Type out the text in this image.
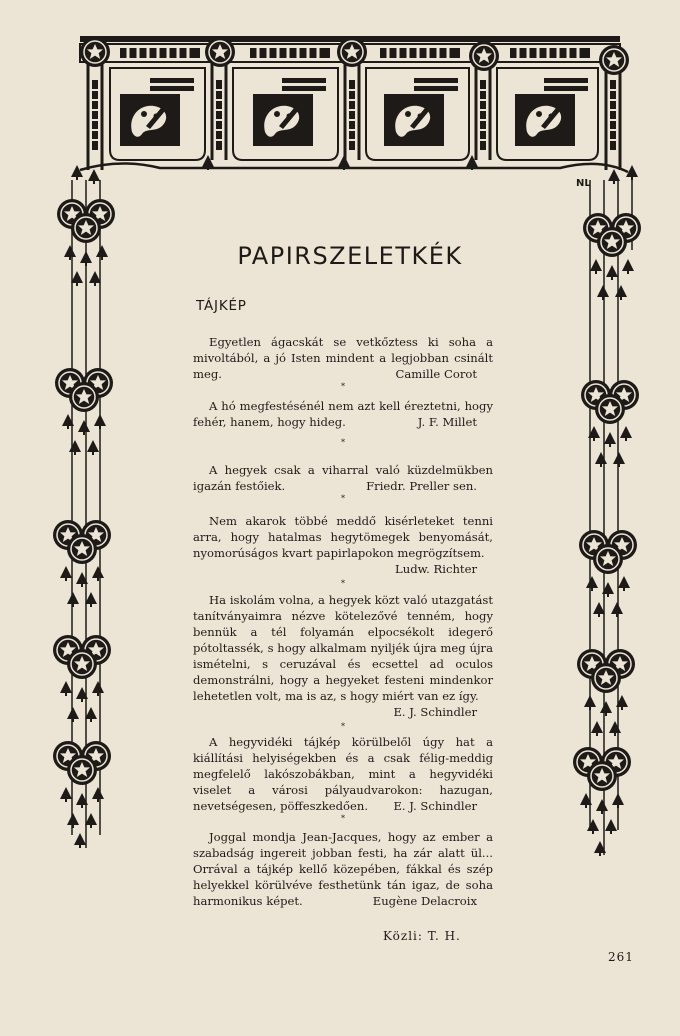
NL
PAPIRSZELETKÉK
TÁJKÉP
Egyetlen ágacskát se vetkőztess ki soha a mivoltából, a jó Isten mindent a legjobban csinált meg.	Camille Corot
*
A hó megfestésénél nem azt kell éreztetni, hogy fehér, hanem, hogy hideg.	J. F. Millet
*
A hegyek csak a viharral való küzdelmükben igazán festőiek.	Friedr. Preller sen.
*
Nem akarok többé meddő kisérleteket tenni arra, hogy hatalmas hegytömegek benyomását, nyomorúságos kvart papirlapokon megrögzítsem.
Ludw. Richter
*
Ha iskolám volna, a hegyek közt való utazgatást tanítványaimra nézve kötelezővé tenném, hogy bennük a tél folyamán elpocsékolt idegerő pótoltassék, s hogy alkalmam nyiljék újra meg újra ismételni, s ceruzával és ecsettel ad oculos demonstrálni, hogy a hegyeket festeni mindenkor lehetetlen volt, ma is az, s hogy miért van ez így.
E. J. Schindler
*
A hegyvidéki tájkép körülbelől úgy hat a kiállítási helyiségekben és a csak félig-meddig megfelelő lakószobákban, mint a hegyvidéki viselet a városi pályaudvarokon: hazugan, nevetségesen, pöffeszkedően.	E. J. Schindler
*
Joggal mondja Jean-Jacques, hogy az ember a szabadság ingereit jobban festi, ha zár alatt ül... Orrával a tájkép kellő közepében, fákkal és szép helyekkel körülvéve festhetünk tán igaz, de soha harmonikus képet.	Eugène Delacroix
Közli: T. H.
261
